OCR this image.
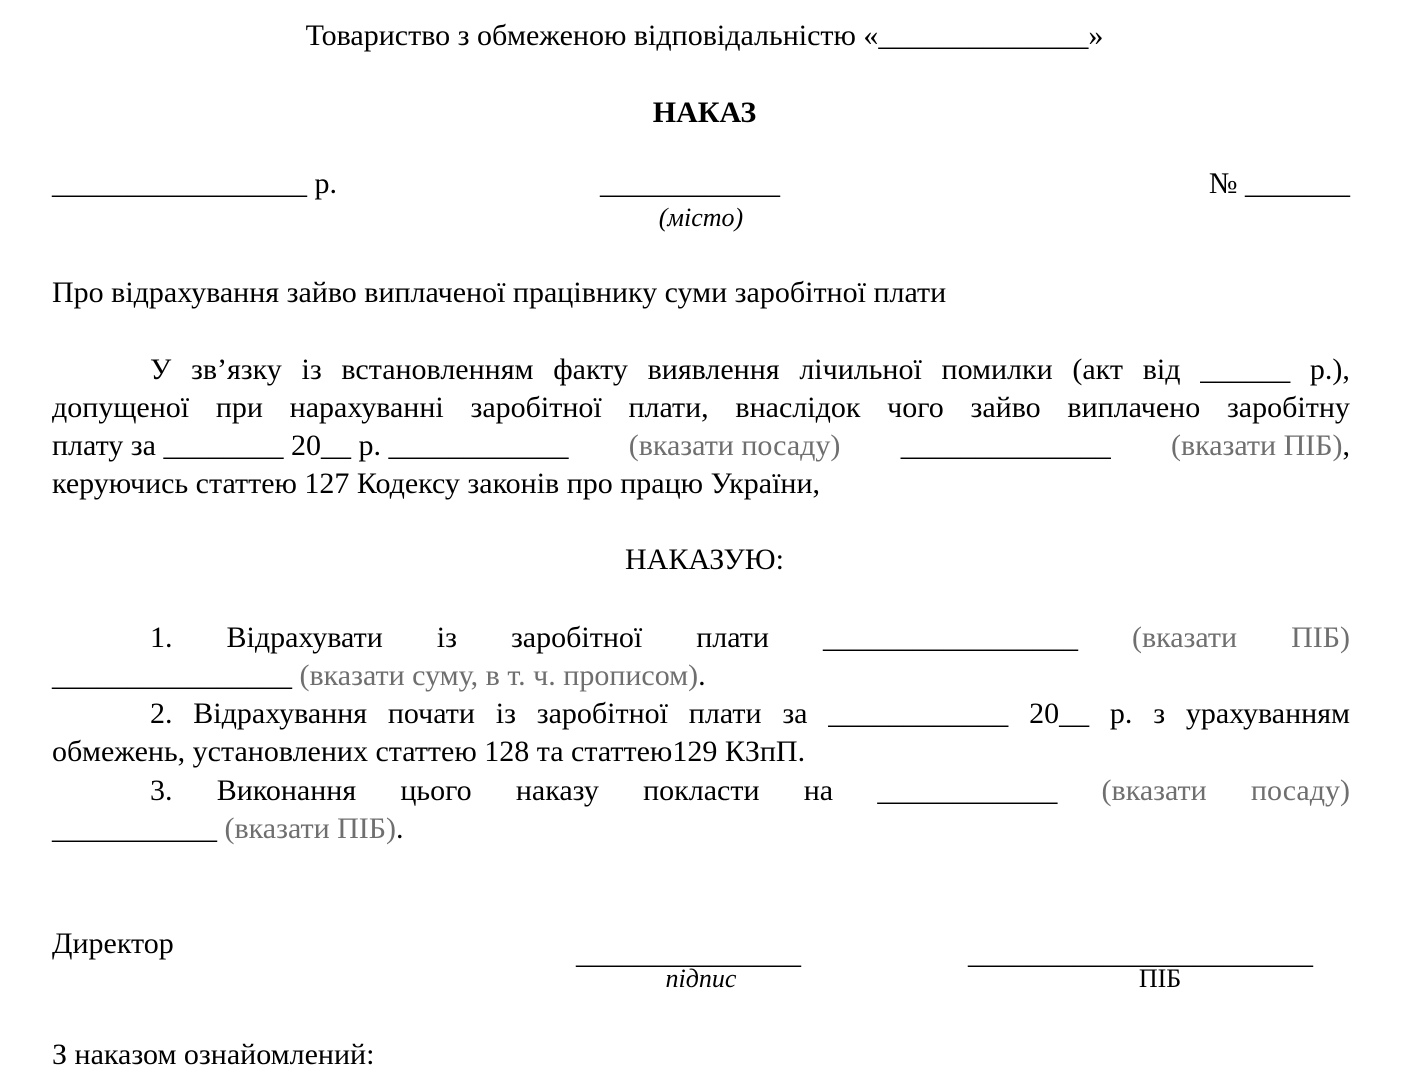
Товариство з обмеженою відповідальністю «______________»
НАКАЗ
_________________ р.	____________
(місто)
№ _______
Про відрахування зайво виплаченої працівнику суми заробітної плати
У зв’язку із встановленням факту виявлення лічильної помилки (акт від ______ р.),
допущеної при нарахуванні заробітної плати, внаслідок чого зайво виплачено заробітну
плату за ________ 20__ р. ____________ (вказати посаду) ______________ (вказати ПІБ),
керуючись статтею 127 Кодексу законів про працю України,
НАКАЗУЮ:
1. Відрахувати із заробітної плати _________________ (вказати ПІБ)
________________ (вказати суму, в т. ч. прописом).
2. Відрахування почати із заробітної плати за ____________ 20__ р. з урахуванням
обмежень, установлених статтею 128 та статтею129 КЗпП.
3. Виконання цього наказу покласти на ____________ (вказати посаду)
___________ (вказати ПІБ).
Директор	_______________
підпис
_______________________
ПІБ
З наказом ознайомлений:
